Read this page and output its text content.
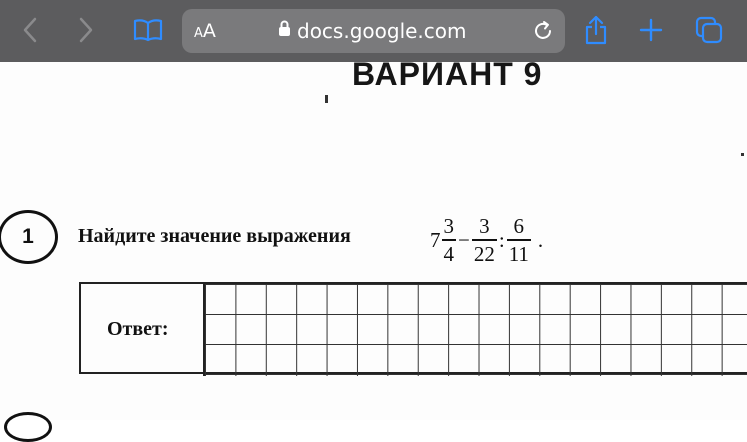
A A	docs.google.com
ВАРИАНТ 9
1 Найдите значение выражения	$7 \frac{3}{4} - \frac{3}{22}$ : $\frac{6}{11}$ .
Ответ:
